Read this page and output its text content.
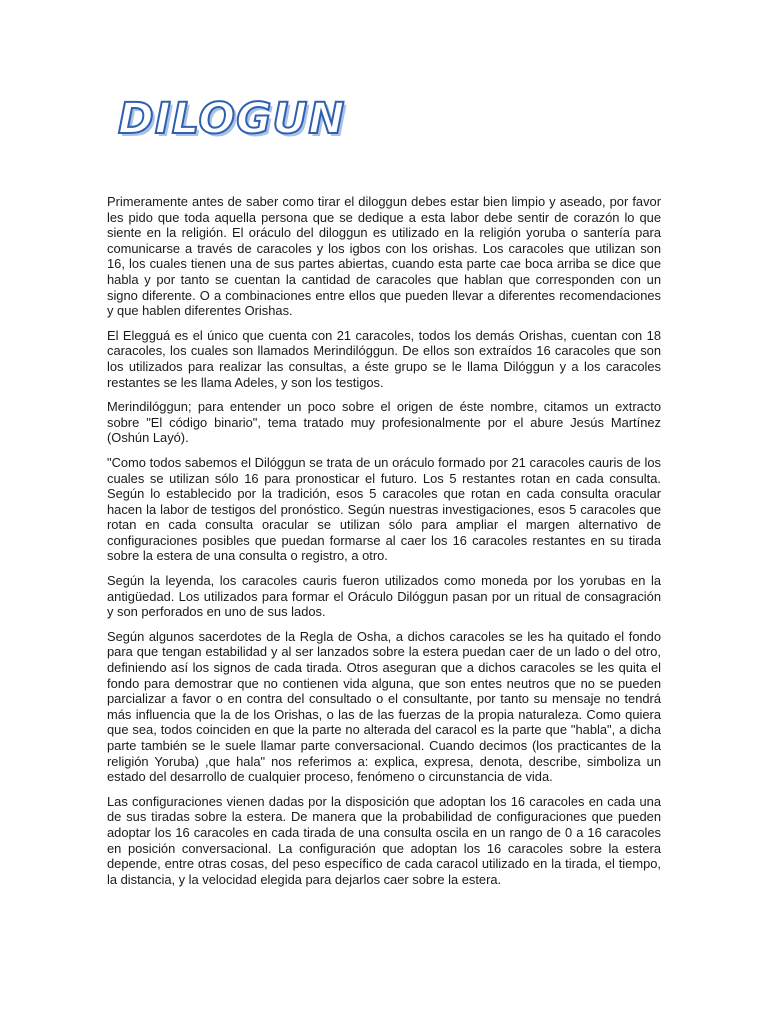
DILOGUN

Primeramente antes de saber como tirar el diloggun debes estar bien limpio y aseado, por favor les pido que toda aquella persona que se dedique a esta labor debe sentir de corazón lo que siente en la religión. El oráculo del diloggun es utilizado en la religión yoruba o santería para comunicarse a través de caracoles y los igbos con los orishas. Los caracoles que utilizan son 16, los cuales tienen una de sus partes abiertas, cuando esta parte cae boca arriba se dice que habla y por tanto se cuentan la cantidad de caracoles que hablan que corresponden con un signo diferente. O a combinaciones entre ellos que pueden llevar a diferentes recomendaciones y que hablen diferentes Orishas.

El Elegguá es el único que cuenta con 21 caracoles, todos los demás Orishas, cuentan con 18 caracoles, los cuales son llamados Merindilóggun. De ellos son extraídos 16 caracoles que son los utilizados para realizar las consultas, a éste grupo se le llama Dilóggun y a los caracoles restantes se les llama Adeles, y son los testigos.

Merindilóggun; para entender un poco sobre el origen de éste nombre, citamos un extracto sobre "El código binario", tema tratado muy profesionalmente por el abure Jesús Martínez (Oshún Layó).

"Como todos sabemos el Dilóggun se trata de un oráculo formado por 21 caracoles cauris de los cuales se utilizan sólo 16 para pronosticar el futuro. Los 5 restantes rotan en cada consulta. Según lo establecido por la tradición, esos 5 caracoles que rotan en cada consulta oracular hacen la labor de testigos del pronóstico. Según nuestras investigaciones, esos 5 caracoles que rotan en cada consulta oracular se utilizan sólo para ampliar el margen alternativo de configuraciones posibles que puedan formarse al caer los 16 caracoles restantes en su tirada sobre la estera de una consulta o registro, a otro.

Según la leyenda, los caracoles cauris fueron utilizados como moneda por los yorubas en la antigüedad. Los utilizados para formar el Oráculo Dilóggun pasan por un ritual de consagración y son perforados en uno de sus lados.

Según algunos sacerdotes de la Regla de Osha, a dichos caracoles se les ha quitado el fondo para que tengan estabilidad y al ser lanzados sobre la estera puedan caer de un lado o del otro, definiendo así los signos de cada tirada. Otros aseguran que a dichos caracoles se les quita el fondo para demostrar que no contienen vida alguna, que son entes neutros que no se pueden parcializar a favor o en contra del consultado o el consultante, por tanto su mensaje no tendrá más influencia que la de los Orishas, o las de las fuerzas de la propia naturaleza. Como quiera que sea, todos coinciden en que la parte no alterada del caracol es la parte que "habla", a dicha parte también se le suele llamar parte conversacional. Cuando decimos (los practicantes de la religión Yoruba) ,que hala" nos referimos a: explica, expresa, denota, describe, simboliza un estado del desarrollo de cualquier proceso, fenómeno o circunstancia de vida.

Las configuraciones vienen dadas por la disposición que adoptan los 16 caracoles en cada una de sus tiradas sobre la estera. De manera que la probabilidad de configuraciones que pueden adoptar los 16 caracoles en cada tirada de una consulta oscila en un rango de 0 a 16 caracoles en posición conversacional. La configuración que adoptan los 16 caracoles sobre la estera depende, entre otras cosas, del peso específico de cada caracol utilizado en la tirada, el tiempo, la distancia, y la velocidad elegida para dejarlos caer sobre la estera.
